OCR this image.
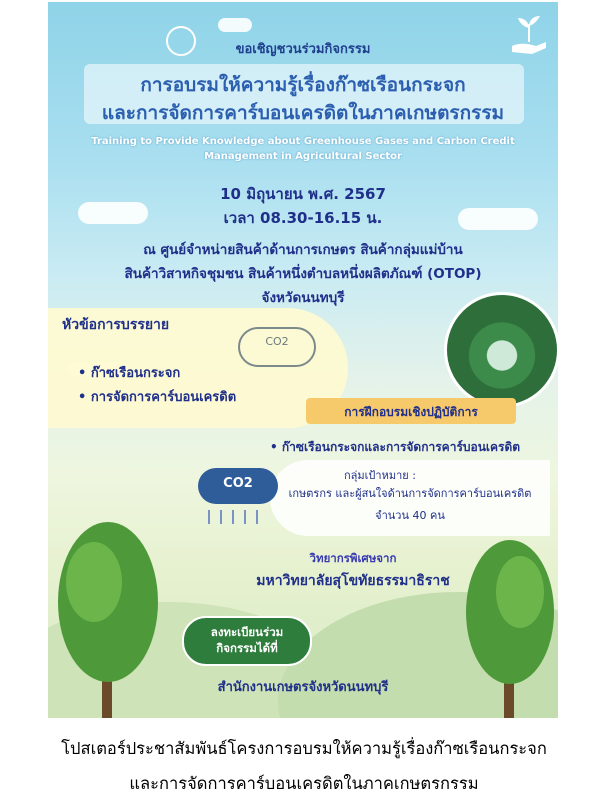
ขอเชิญชวนร่วมกิจกรรม
การอบรมให้ความรู้เรื่องก๊าซเรือนกระจก
และการจัดการคาร์บอนเครดิตในภาคเกษตรกรรม
Training to Provide Knowledge about Greenhouse Gases and Carbon Credit
Management in Agricultural Sector
10 มิถุนายน พ.ศ. 2567
เวลา 08.30-16.15 น.
ณ ศูนย์จำหน่ายสินค้าด้านการเกษตร สินค้ากลุ่มแม่บ้าน
สินค้าวิสาหกิจชุมชน สินค้าหนึ่งตำบลหนึ่งผลิตภัณฑ์ (OTOP)
จังหวัดนนทบุรี
หัวข้อการบรรยาย
• ก๊าซเรือนกระจก
• การจัดการคาร์บอนเครดิต
CO2
การฝึกอบรมเชิงปฏิบัติการ
• ก๊าซเรือนกระจกและการจัดการคาร์บอนเครดิต
CO2
กลุ่มเป้าหมาย :
เกษตรกร และผู้สนใจด้านการจัดการคาร์บอนเครดิต
จำนวน 40 คน
วิทยากรพิเศษจาก
มหาวิทยาลัยสุโขทัยธรรมาธิราช
ลงทะเบียนร่วม
กิจกรรมได้ที่
สำนักงานเกษตรจังหวัดนนทบุรี
โปสเตอร์ประชาสัมพันธ์โครงการอบรมให้ความรู้เรื่องก๊าซเรือนกระจก
และการจัดการคาร์บอนเครดิตในภาคเกษตรกรรม
